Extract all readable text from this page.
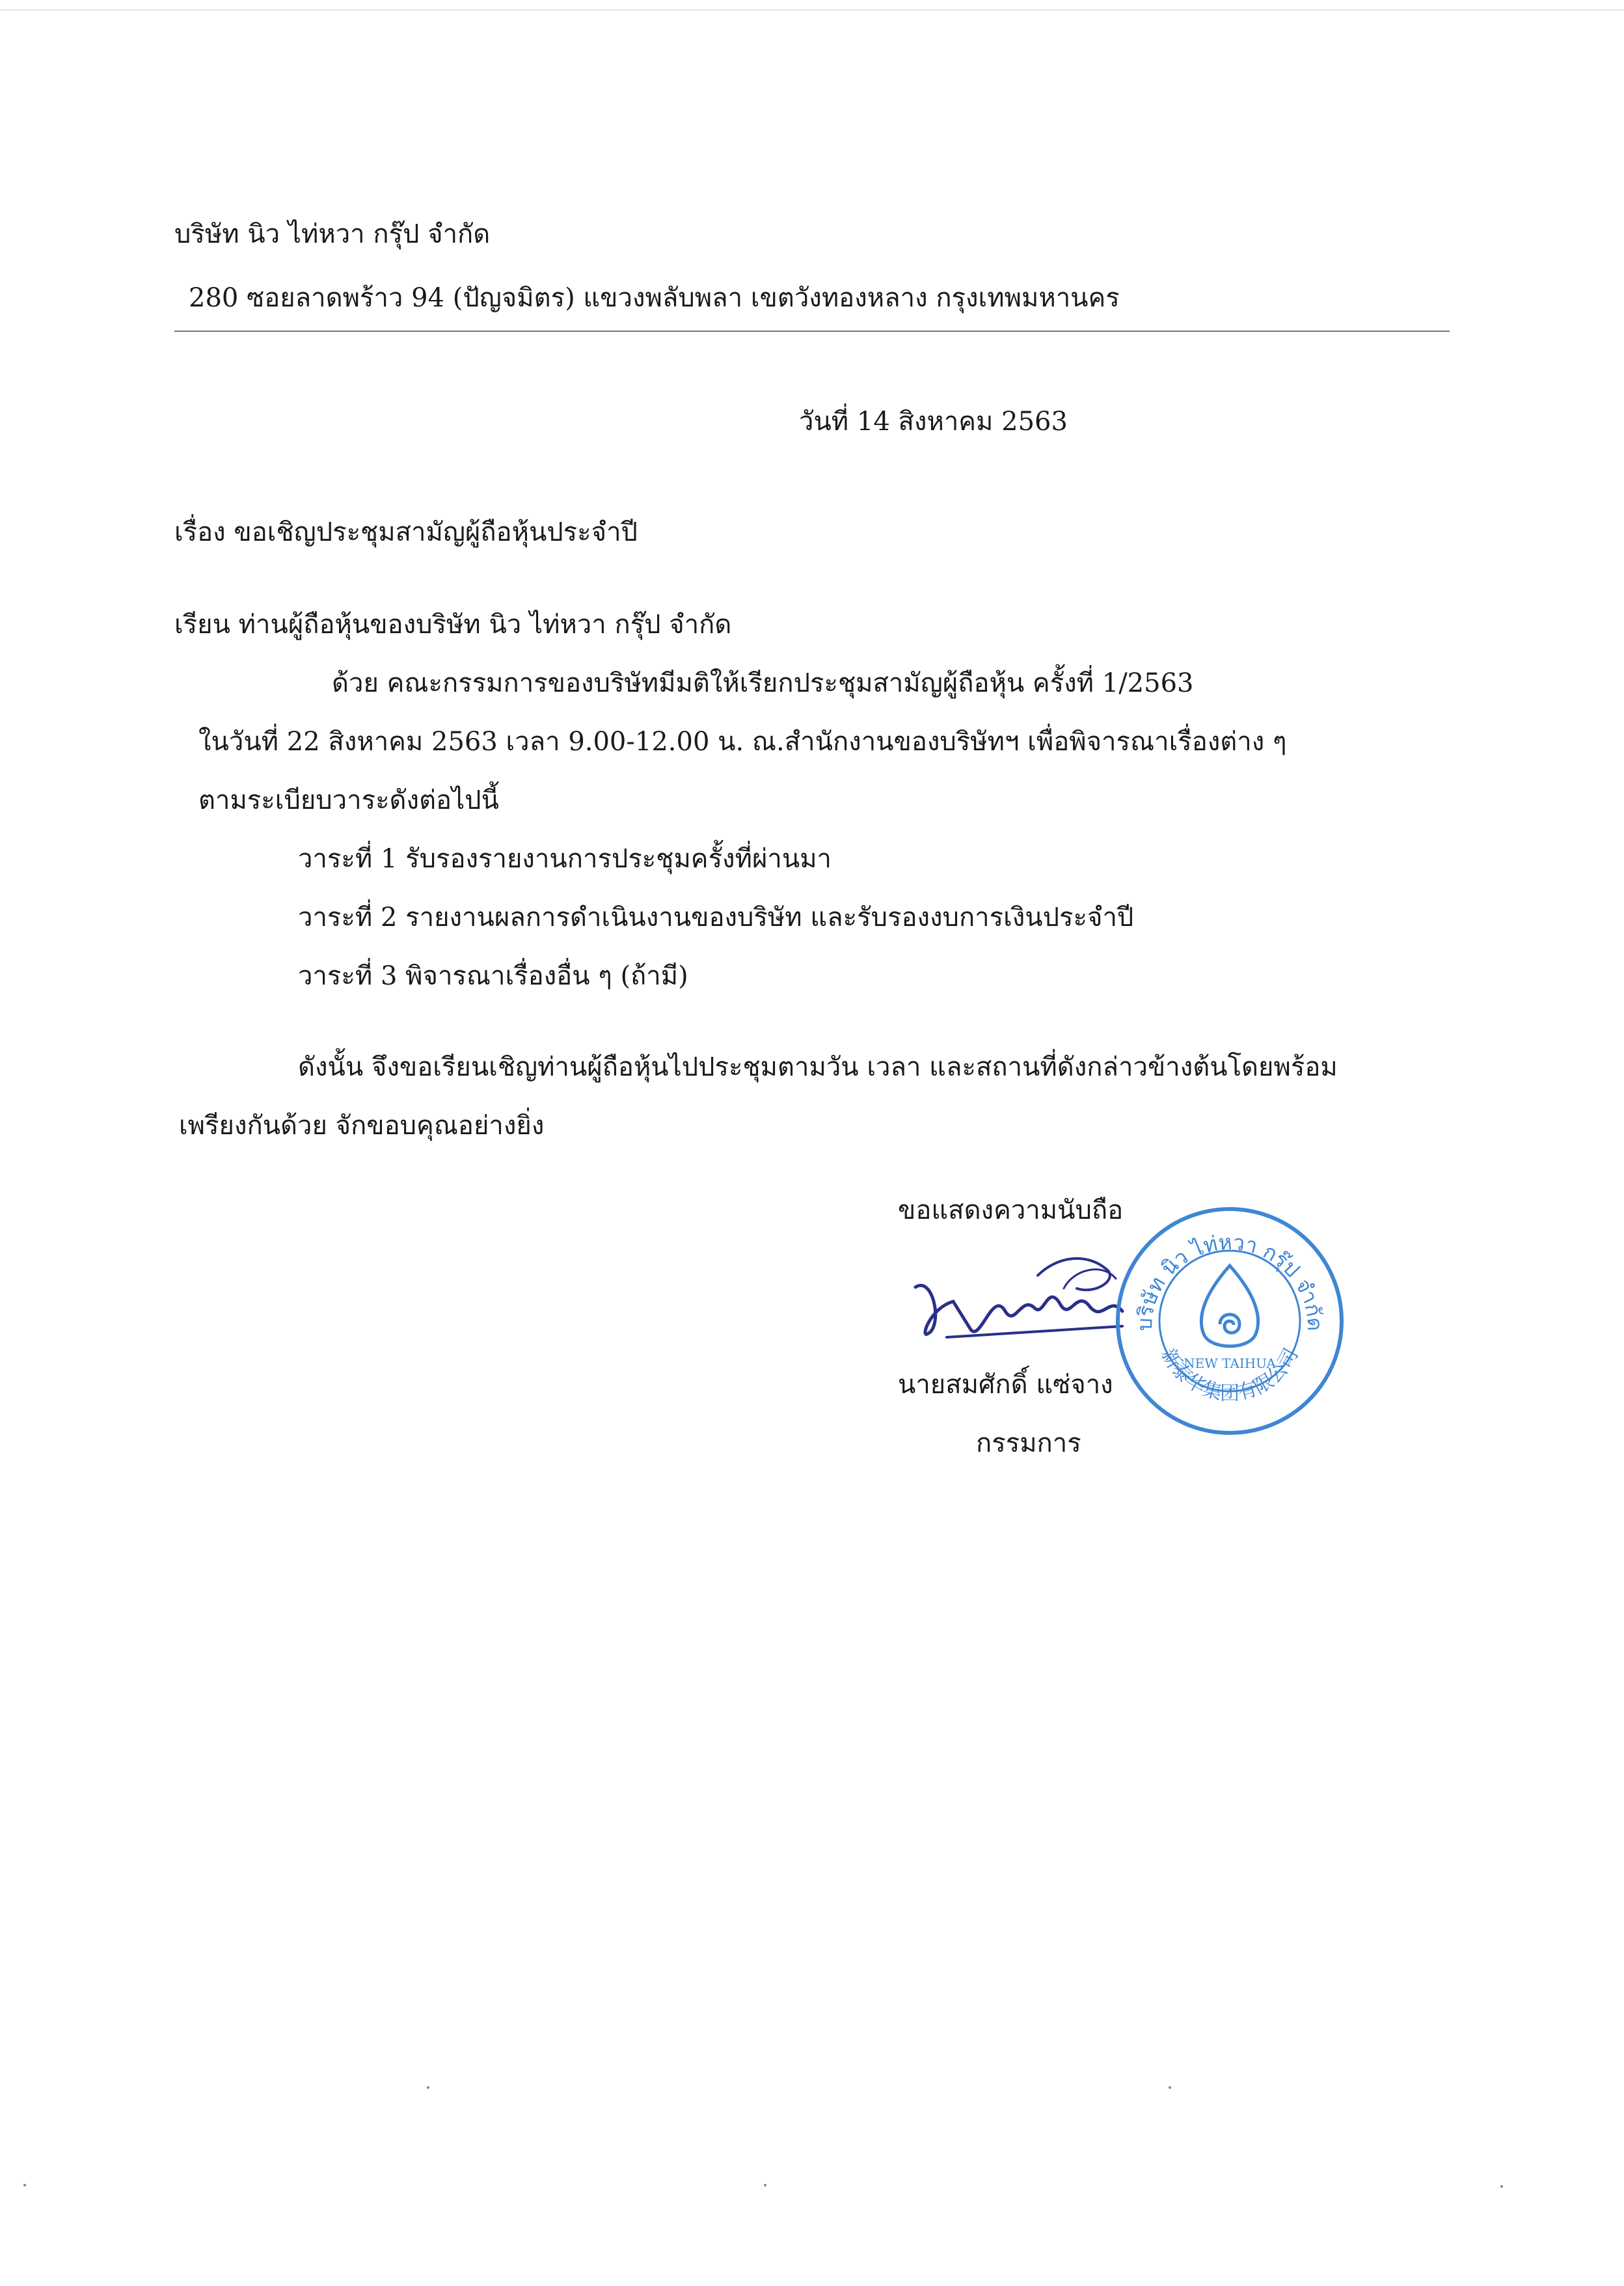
บริษัท นิว ไท่หวา กรุ๊ป จำกัด
280 ซอยลาดพร้าว 94 (ปัญจมิตร) แขวงพลับพลา เขตวังทองหลาง กรุงเทพมหานคร
วันที่ 14 สิงหาคม 2563
เรื่อง ขอเชิญประชุมสามัญผู้ถือหุ้นประจำปี
เรียน ท่านผู้ถือหุ้นของบริษัท นิว ไท่หวา กรุ๊ป จำกัด
ด้วย คณะกรรมการของบริษัทมีมติให้เรียกประชุมสามัญผู้ถือหุ้น ครั้งที่ 1/2563
ในวันที่ 22 สิงหาคม 2563 เวลา 9.00-12.00 น. ณ.สำนักงานของบริษัทฯ เพื่อพิจารณาเรื่องต่าง ๆ
ตามระเบียบวาระดังต่อไปนี้
วาระที่ 1 รับรองรายงานการประชุมครั้งที่ผ่านมา
วาระที่ 2 รายงานผลการดำเนินงานของบริษัท และรับรองงบการเงินประจำปี
วาระที่ 3 พิจารณาเรื่องอื่น ๆ (ถ้ามี)
ดังนั้น จึงขอเรียนเชิญท่านผู้ถือหุ้นไปประชุมตามวัน เวลา และสถานที่ดังกล่าวข้างต้นโดยพร้อม
เพรียงกันด้วย จักขอบคุณอย่างยิ่ง
ขอแสดงความนับถือ
บริษัท นิว ไท่หวา กรุ๊ป จำกัด
新泰华集团有限公司
NEW TAIHUA
นายสมศักดิ์ แซ่จาง
กรรมการ
